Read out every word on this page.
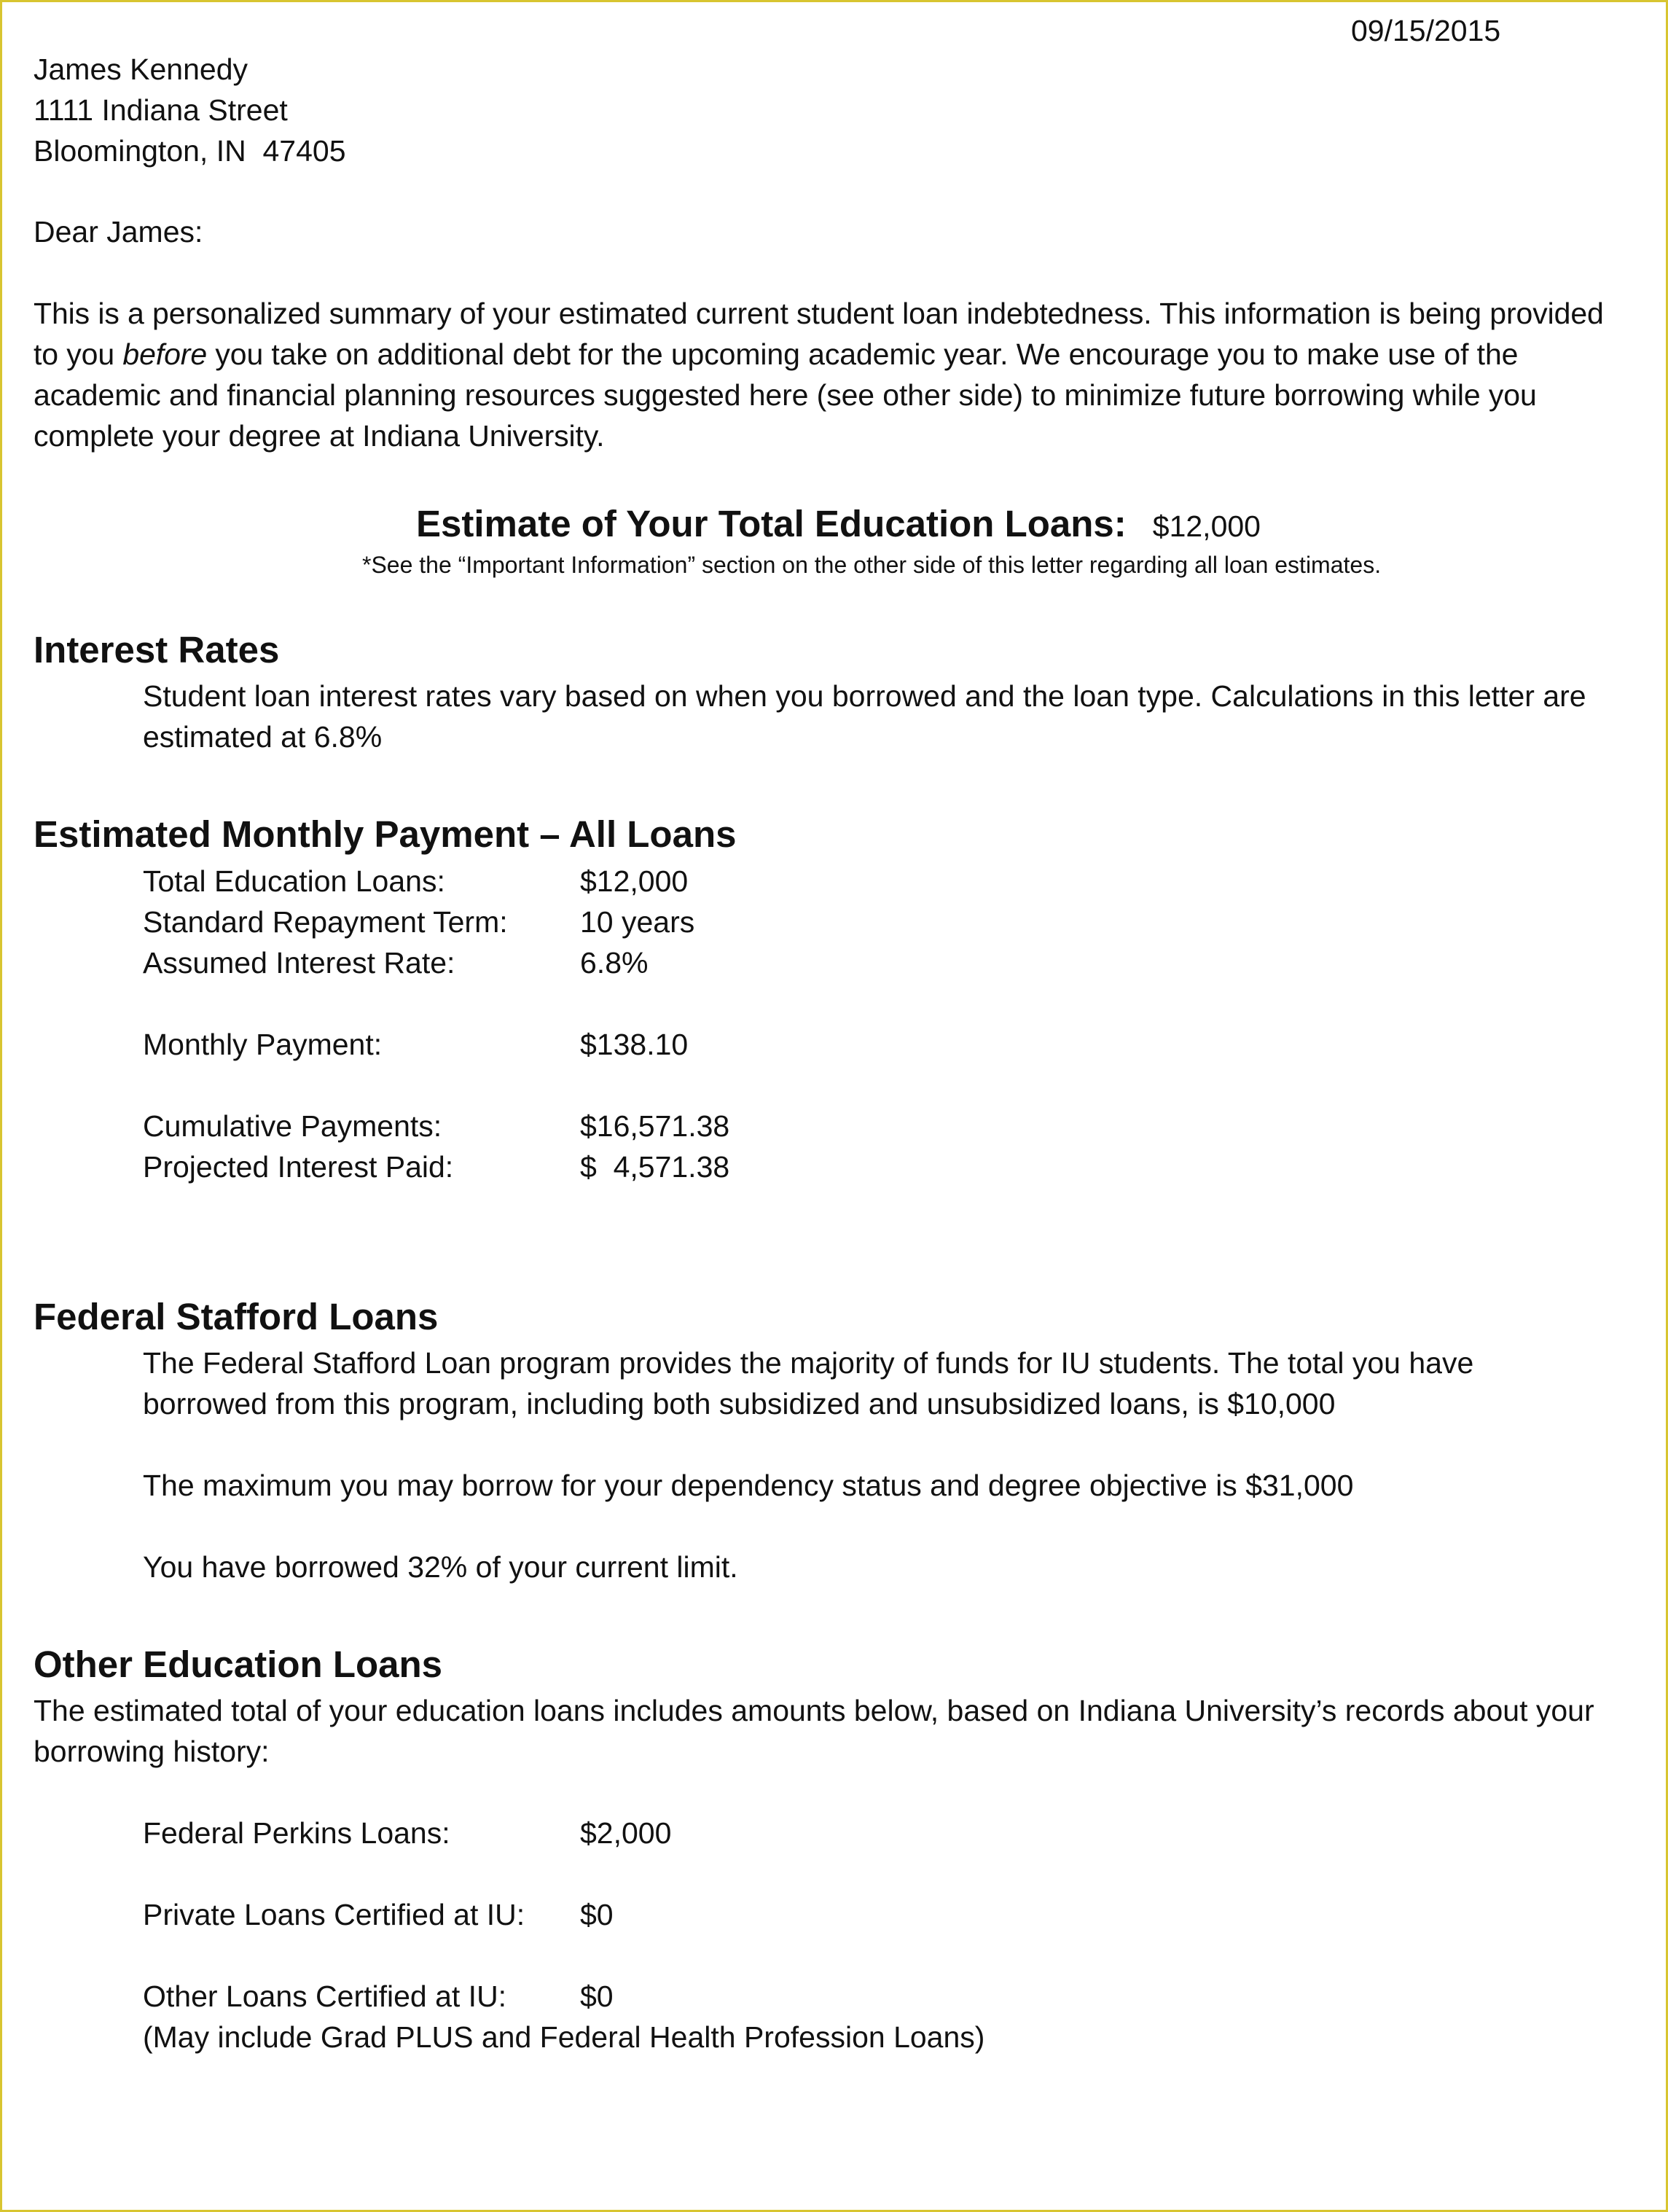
09/15/2015
James Kennedy
1111 Indiana Street
Bloomington, IN  47405
Dear James:
This is a personalized summary of your estimated current student loan indebtedness. This information is being provided to you before you take on additional debt for the upcoming academic year. We encourage you to make use of the academic and financial planning resources suggested here (see other side) to minimize future borrowing while you complete your degree at Indiana University.
Estimate of Your Total Education Loans: $12,000
*See the “Important Information” section on the other side of this letter regarding all loan estimates.
Interest Rates
Student loan interest rates vary based on when you borrowed and the loan type. Calculations in this letter are estimated at 6.8%
Estimated Monthly Payment – All Loans
Total Education Loans:	$12,000
Standard Repayment Term: 10 years
Assumed Interest Rate:	6.8%
Monthly Payment:	$138.10
Cumulative Payments:	$16,571.38
Projected Interest Paid:	$  4,571.38
Federal Stafford Loans
The Federal Stafford Loan program provides the majority of funds for IU students. The total you have borrowed from this program, including both subsidized and unsubsidized loans, is $10,000
The maximum you may borrow for your dependency status and degree objective is $31,000
You have borrowed 32% of your current limit.
Other Education Loans
The estimated total of your education loans includes amounts below, based on Indiana University’s records about your borrowing history:
Federal Perkins Loans:	$2,000
Private Loans Certified at IU: $0
Other Loans Certified at IU: $0
(May include Grad PLUS and Federal Health Profession Loans)
